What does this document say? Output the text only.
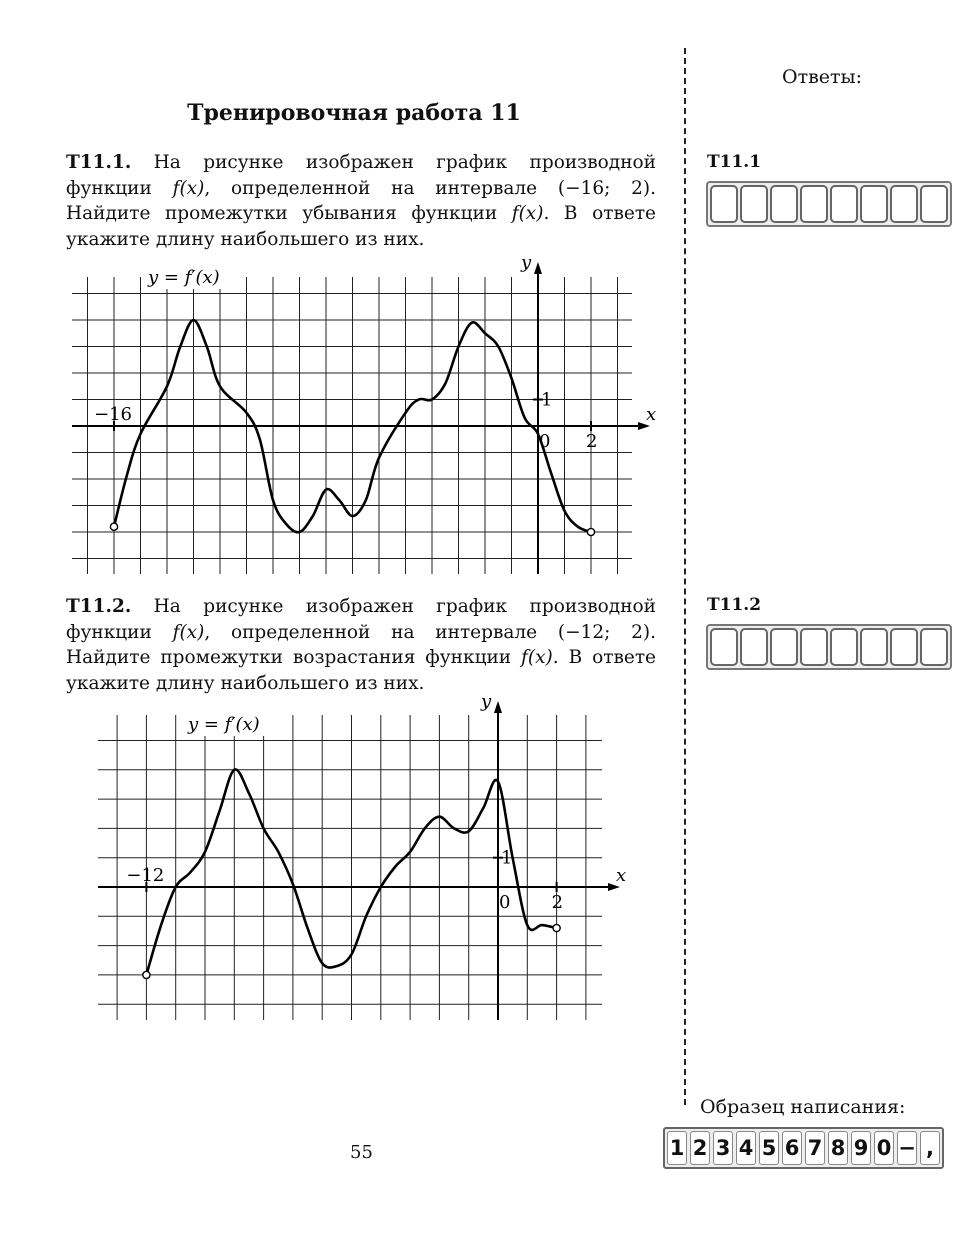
Ответы:
Тренировочная работа 11
T11.1. На рисунке изображен график производной функции f(x), определенной на интервале (−16; 2). Найдите промежутки убывания функции f(x). В ответе укажите длину наибольшего из них.
x
y
−16
0 2
1
y = f′(x)
T11.2. На рисунке изображен график производной функции f(x), определенной на интервале (−12; 2). Найдите промежутки возрастания функции f(x). В ответе укажите длину наибольшего из них.
x
y
−12
0 2
1
y = f′(x)
T11.1
T11.2
Образец написания:
1 2 3 4 5 6 7 8 9 0 − ,
55
